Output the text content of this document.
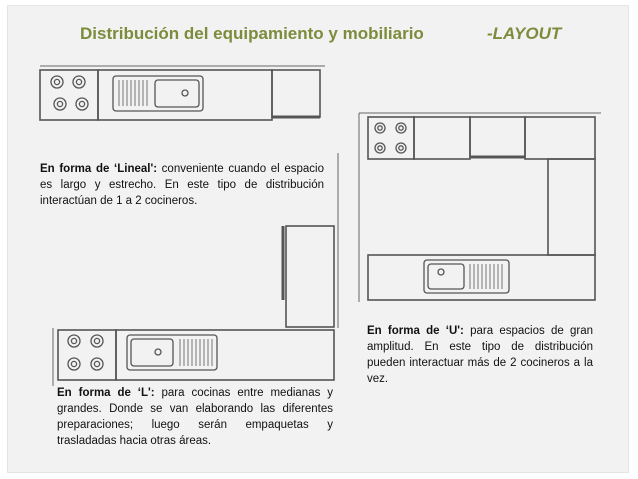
Distribución del equipamiento y mobiliario	-LAYOUT
En forma de ‘Lineal': conveniente cuando el espacio es largo y estrecho. En este tipo de distribución interactúan de 1 a 2 cocineros.
En forma de ‘L': para cocinas entre medianas y grandes. Donde se van elaborando las diferentes preparaciones; luego serán empaquetas y trasladadas hacia otras áreas.
En forma de ‘U': para espacios de gran amplitud. En este tipo de distribución pueden interactuar más de 2 cocineros a la vez.
